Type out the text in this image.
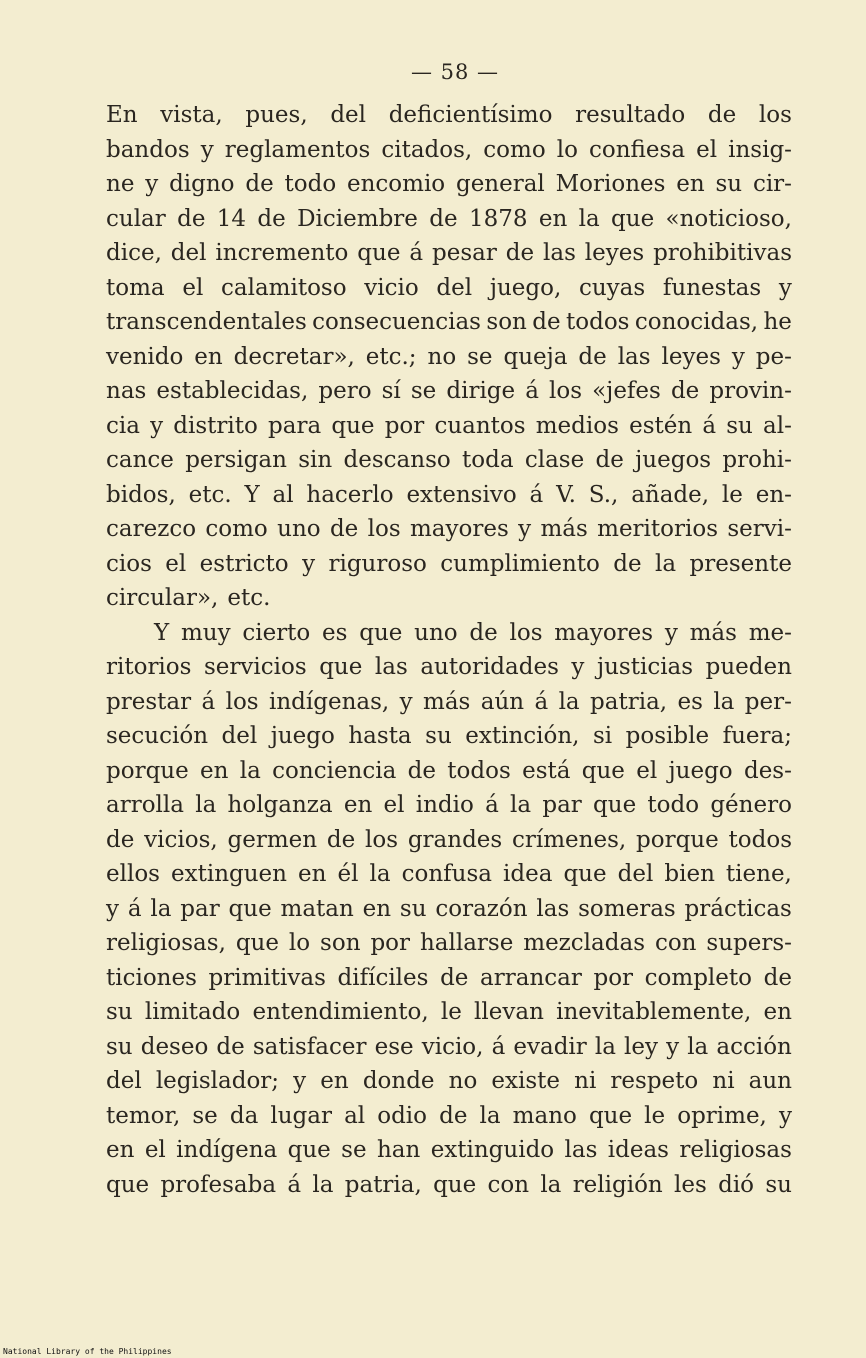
— 58 —
En vista, pues, del deficientísimo resultado de los
bandos y reglamentos citados, como lo confiesa el insig-
ne y digno de todo encomio general Moriones en su cir-
cular de 14 de Diciembre de 1878 en la que «noticioso,
dice, del incremento que á pesar de las leyes prohibitivas
toma el calamitoso vicio del juego, cuyas funestas y
transcendentales consecuencias son de todos conocidas, he
venido en decretar», etc.; no se queja de las leyes y pe-
nas establecidas, pero sí se dirige á los «jefes de provin-
cia y distrito para que por cuantos medios estén á su al-
cance persigan sin descanso toda clase de juegos prohi-
bidos, etc. Y al hacerlo extensivo á V. S., añade, le en-
carezco como uno de los mayores y más meritorios servi-
cios el estricto y riguroso cumplimiento de la presente
circular», etc.
Y muy cierto es que uno de los mayores y más me-
ritorios servicios que las autoridades y justicias pueden
prestar á los indígenas, y más aún á la patria, es la per-
secución del juego hasta su extinción, si posible fuera;
porque en la conciencia de todos está que el juego des-
arrolla la holganza en el indio á la par que todo género
de vicios, germen de los grandes crímenes, porque todos
ellos extinguen en él la confusa idea que del bien tiene,
y á la par que matan en su corazón las someras prácticas
religiosas, que lo son por hallarse mezcladas con supers-
ticiones primitivas difíciles de arrancar por completo de
su limitado entendimiento, le llevan inevitablemente, en
su deseo de satisfacer ese vicio, á evadir la ley y la acción
del legislador; y en donde no existe ni respeto ni aun
temor, se da lugar al odio de la mano que le oprime, y
en el indígena que se han extinguido las ideas religiosas
que profesaba á la patria, que con la religión les dió su
National Library of the Philippines
